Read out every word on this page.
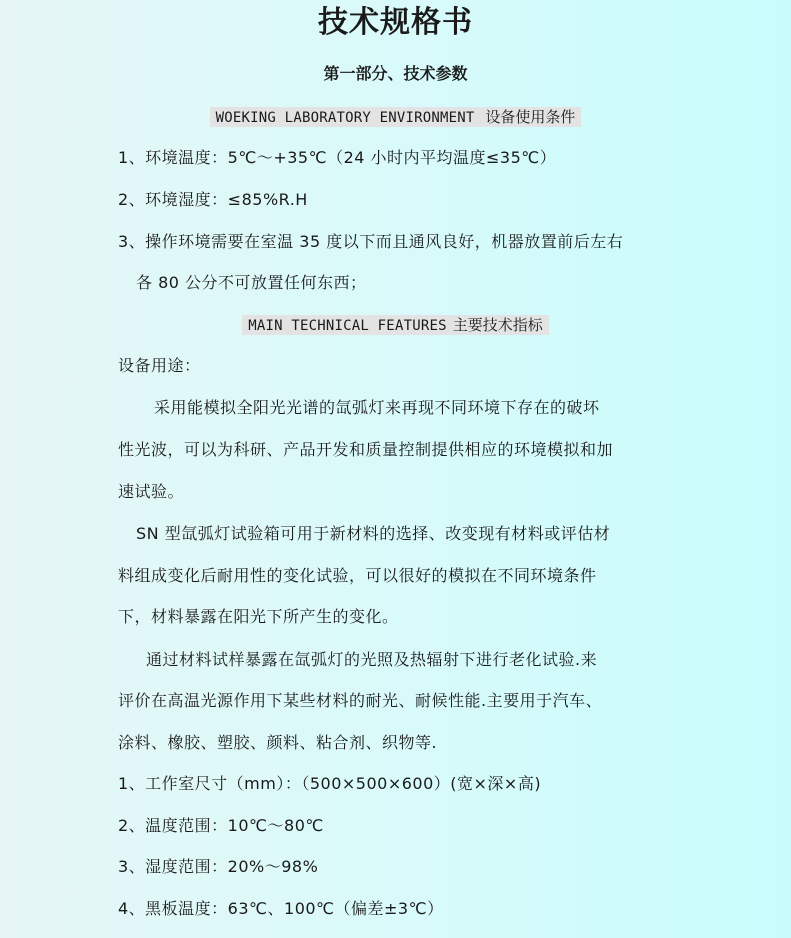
技术规格书
第一部分、技术参数
WOEKING LABORATORY ENVIRONMENT 设备使用条件
1、环境温度：5℃～+35℃（24 小时内平均温度≤35℃）
2、环境湿度：≤85%R.H
3、操作环境需要在室温 35 度以下而且通风良好，机器放置前后左右
各 80 公分不可放置任何东西；
MAIN TECHNICAL FEATURES 主要技术指标
设备用途：
采用能模拟全阳光光谱的氙弧灯来再现不同环境下存在的破坏
性光波，可以为科研、产品开发和质量控制提供相应的环境模拟和加
速试验。
SN 型氙弧灯试验箱可用于新材料的选择、改变现有材料或评估材
料组成变化后耐用性的变化试验，可以很好的模拟在不同环境条件
下，材料暴露在阳光下所产生的变化。
通过材料试样暴露在氙弧灯的光照及热辐射下进行老化试验.来
评价在高温光源作用下某些材料的耐光、耐候性能.主要用于汽车、
涂料、橡胶、塑胶、颜料、粘合剂、织物等.
1、工作室尺寸（mm）：（500×500×600）(宽×深×高)
2、温度范围：10℃～80℃
3、湿度范围：20%～98%
4、黑板温度：63℃、100℃（偏差±3℃）
